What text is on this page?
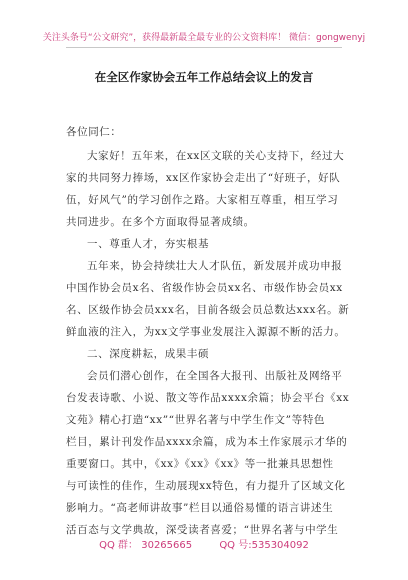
关注头条号“公文研究”，获得最新最全最专业的公文资料库！ 微信：gongwenyj
在全区作家协会五年工作总结会议上的发言
各位同仁：
大家好！五年来，在xx区文联的关心支持下，经过大
家的共同努力捧场，xx区作家协会走出了“好班子，好队
伍，好风气”的学习创作之路。大家相互尊重，相互学习
共同进步。在多个方面取得显著成绩。
一、尊重人才，夯实根基
五年来，协会持续壮大人才队伍，新发展并成功申报
中国作协会员x名、省级作协会员xx名、市级作协会员xx
名、区级作协会员xxx名，目前各级会员总数达xxx名。新
鲜血液的注入，为xx文学事业发展注入源源不断的活力。
二、深度耕耘，成果丰硕
会员们潜心创作，在全国各大报刊、出版社及网络平
台发表诗歌、小说、散文等作品xxxx余篇；协会平台《xx
文苑》精心打造“xx”“世界名著与中学生作文”等特色
栏目，累计刊发作品xxxx余篇，成为本土作家展示才华的
重要窗口。其中，《xx》《xx》《xx》等一批兼具思想性
与可读性的佳作，生动展现xx特色，有力提升了区域文化
影响力。“高老师讲故事”栏目以通俗易懂的语言讲述生
活百态与文学典故，深受读者喜爱；“世界名著与中学生
QQ 群： 30265665	QQ 号:535304092
